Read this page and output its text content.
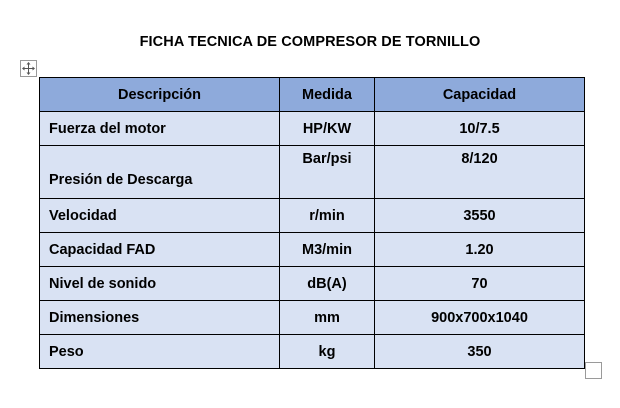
FICHA TECNICA DE COMPRESOR DE TORNILLO
Descripción	Medida	Capacidad
Fuerza del motor	HP/KW	10/7.5
Presión de Descarga	Bar/psi	8/120
Velocidad	r/min	3550
Capacidad FAD	M3/min	1.20
Nivel de sonido	dB(A)	70
Dimensiones	mm	900x700x1040
Peso	kg	350
